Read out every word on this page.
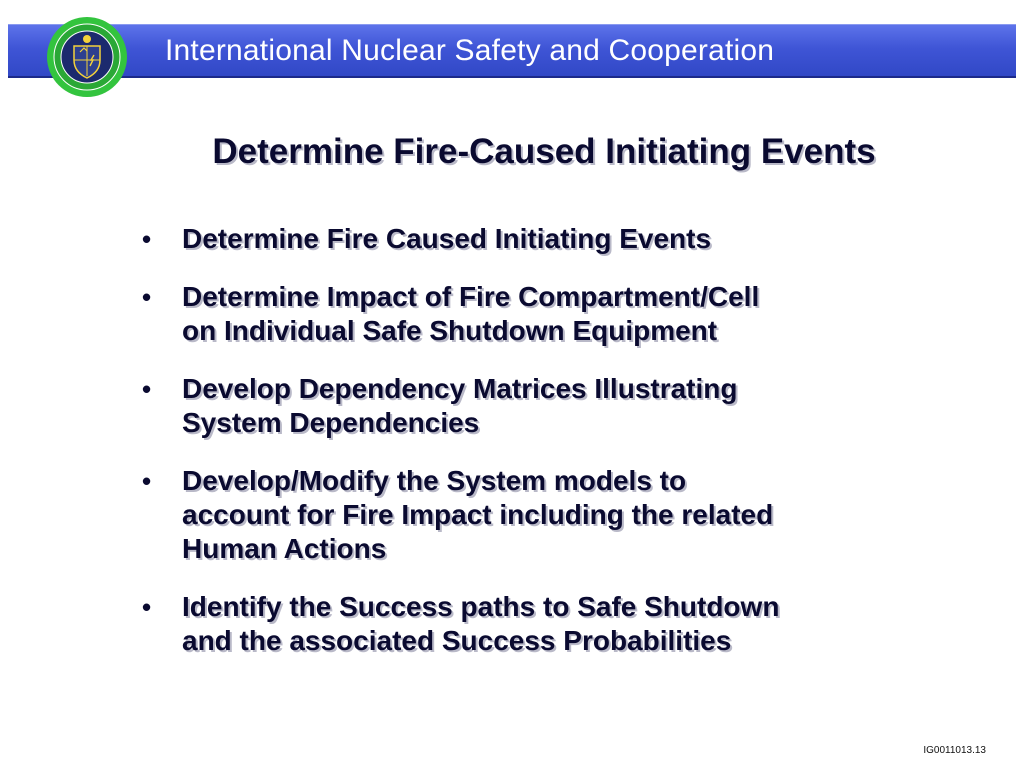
International Nuclear Safety and Cooperation
Determine Fire-Caused Initiating Events
• Determine Fire Caused Initiating Events
• Determine Impact of Fire Compartment/Cell
on Individual Safe Shutdown Equipment
• Develop Dependency Matrices Illustrating
System Dependencies
• Develop/Modify the System models to
account for Fire Impact including the related
Human Actions
• Identify the Success paths to Safe Shutdown
and the associated Success Probabilities
IG0011013.13
